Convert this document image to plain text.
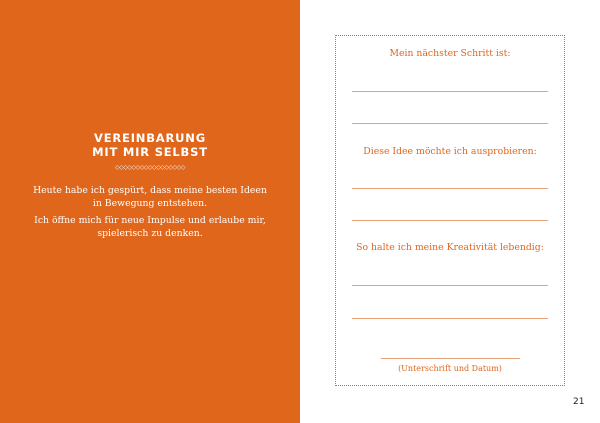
VEREINBARUNG
MIT MIR SELBST
◇◇◇◇◇◇◇◇◇◇◇◇◇◇◇◇◇
Heute habe ich gespürt, dass meine besten Ideen in Bewegung entstehen.
Ich öffne mich für neue Impulse und erlaube mir, spielerisch zu denken.
Mein nächster Schritt ist:
Diese Idee möchte ich ausprobieren:
So halte ich meine Kreativität lebendig:
(Unterschrift und Datum)
21
